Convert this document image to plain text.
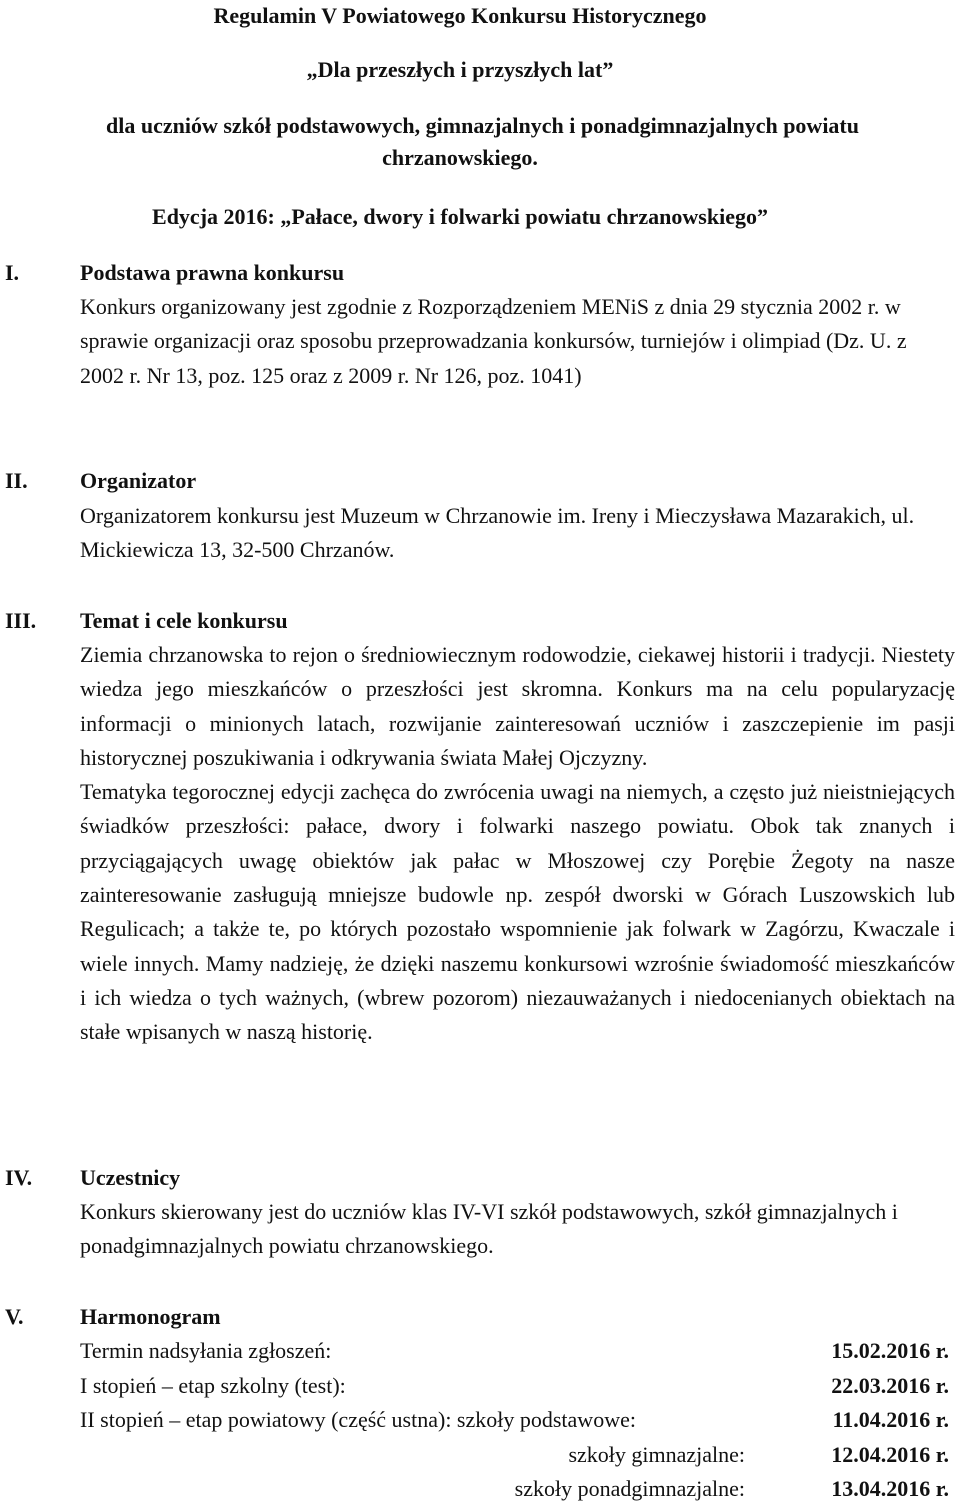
Regulamin V Powiatowego Konkursu Historycznego
„Dla przeszłych i przyszłych lat”
dla uczniów szkół podstawowych, gimnazjalnych i ponadgimnazjalnych powiatu
chrzanowskiego.
Edycja 2016: „Pałace, dwory i folwarki powiatu chrzanowskiego”
I.	Podstawa prawna konkursu

Konkurs organizowany jest zgodnie z Rozporządzeniem MENiS z dnia 29 stycznia 2002 r. w sprawie organizacji oraz sposobu przeprowadzania konkursów, turniejów i olimpiad (Dz. U. z 2002 r. Nr 13, poz. 125 oraz z 2009 r. Nr 126, poz. 1041)

II. Organizator

Organizatorem konkursu jest Muzeum w Chrzanowie im. Ireny i Mieczysława Mazarakich, ul. Mickiewicza 13, 32-500 Chrzanów.

III. Temat i cele konkursu

Ziemia chrzanowska to rejon o średniowiecznym rodowodzie, ciekawej historii i tradycji. Niestety wiedza jego mieszkańców o przeszłości jest skromna. Konkurs ma na celu popularyzację informacji o minionych latach, rozwijanie zainteresowań uczniów i zaszczepienie im pasji historycznej poszukiwania i odkrywania świata Małej Ojczyzny.

Tematyka tegorocznej edycji zachęca do zwrócenia uwagi na niemych, a często już nieistniejących świadków przeszłości: pałace, dwory i folwarki naszego powiatu. Obok tak znanych i przyciągających uwagę obiektów jak pałac w Młoszowej czy Porębie Żegoty na nasze zainteresowanie zasługują mniejsze budowle np. zespół dworski w Górach Luszowskich lub Regulicach; a także te, po których pozostało wspomnienie jak folwark w Zagórzu, Kwaczale i wiele innych. Mamy nadzieję, że dzięki naszemu konkursowi wzrośnie świadomość mieszkańców i ich wiedza o tych ważnych, (wbrew pozorom) niezauważanych i niedocenianych obiektach na stałe wpisanych w naszą historię.

IV. Uczestnicy

Konkurs skierowany jest do uczniów klas IV-VI szkół podstawowych, szkół gimnazjalnych i ponadgimnazjalnych powiatu chrzanowskiego.

V.	Harmonogram
Termin nadsyłania zgłoszeń:	15.02.2016 r.
I stopień – etap szkolny (test):	22.03.2016 r.
II stopień – etap powiatowy (część ustna): szkoły podstawowe:	11.04.2016 r.
szkoły gimnazjalne:	12.04.2016 r.
szkoły ponadgimnazjalne:	13.04.2016 r.
